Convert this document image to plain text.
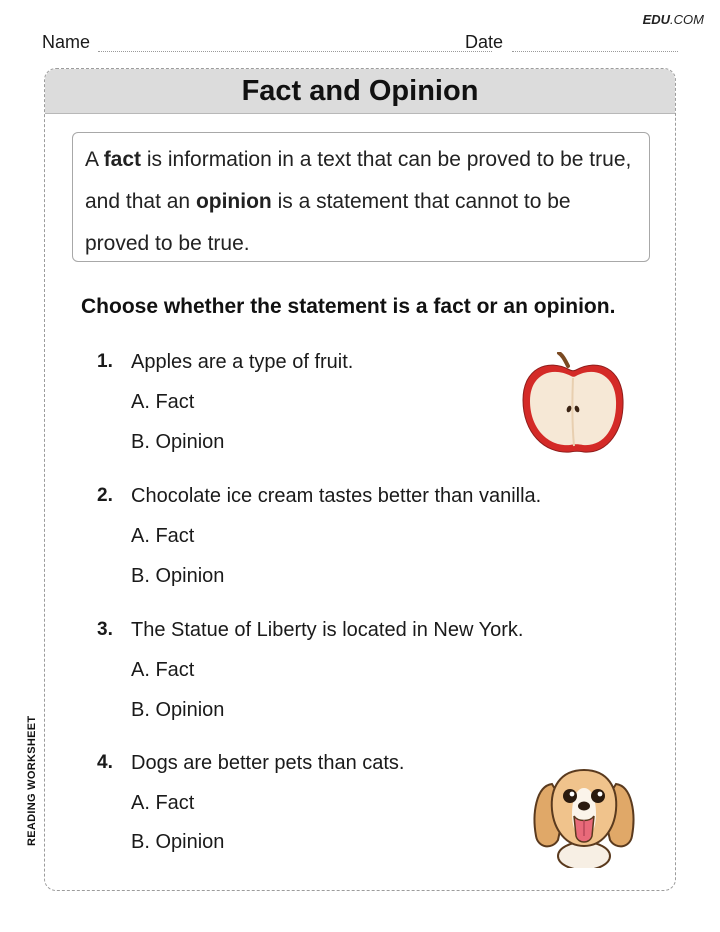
EDU.COM
Name	Date
Fact and Opinion

A fact is information in a text that can be proved to be true, and that an opinion is a statement that cannot to be proved to be true.

Choose whether the statement is a fact or an opinion.
1. Apples are a type of fruit.
A. Fact
B. Opinion
2. Chocolate ice cream tastes better than vanilla.
A. Fact
B. Opinion
3. The Statue of Liberty is located in New York.
A. Fact
B. Opinion
4. Dogs are better pets than cats.
A. Fact
B. Opinion
READING WORKSHEET
